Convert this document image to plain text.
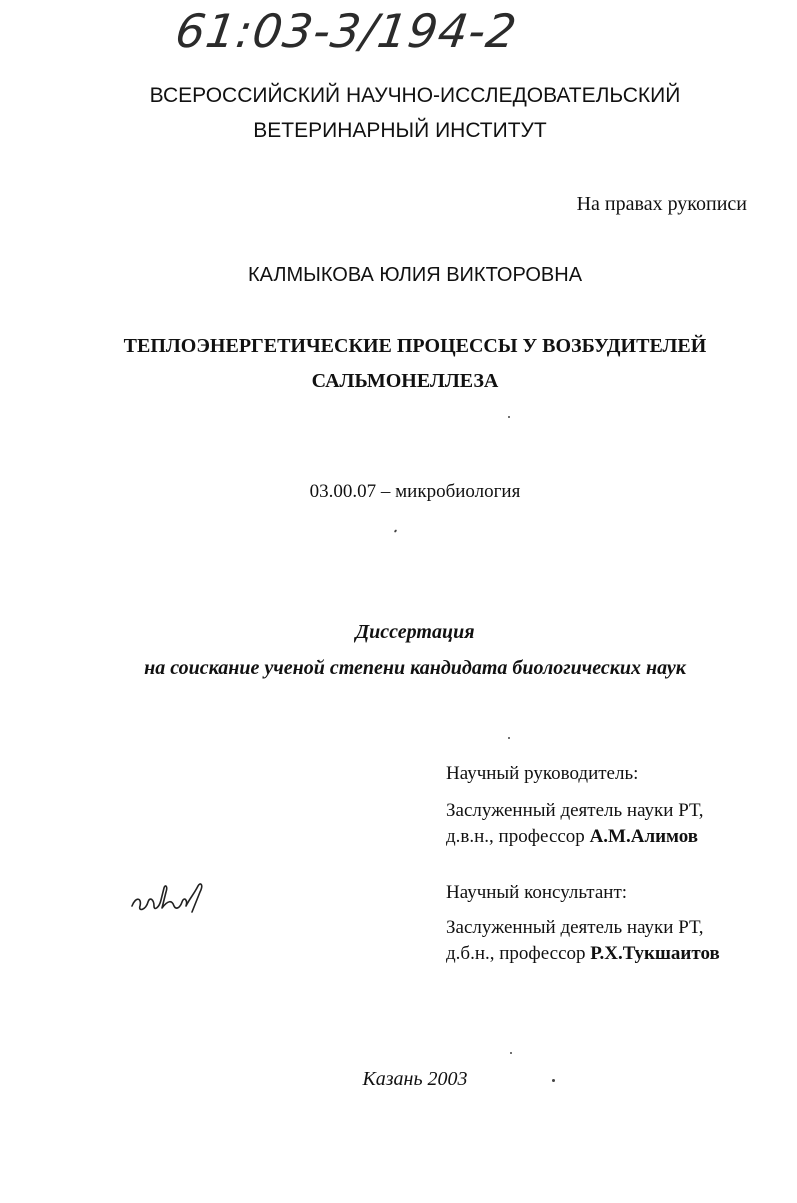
61:03-3/194-2
ВСЕРОССИЙСКИЙ НАУЧНО-ИССЛЕДОВАТЕЛЬСКИЙ
ВЕТЕРИНАРНЫЙ ИНСТИТУТ
На правах рукописи
КАЛМЫКОВА ЮЛИЯ ВИКТОРОВНА
ТЕПЛОЭНЕРГЕТИЧЕСКИЕ ПРОЦЕССЫ У ВОЗБУДИТЕЛЕЙ
САЛЬМОНЕЛЛЕЗА
03.00.07 – микробиология
Диссертация
на соискание ученой степени кандидата биологических наук
Научный руководитель:
Заслуженный деятель науки РТ,
д.в.н., профессор А.М.Алимов
Научный консультант:
Заслуженный деятель науки РТ,
д.б.н., профессор Р.Х.Тукшаитов
Казань 2003
